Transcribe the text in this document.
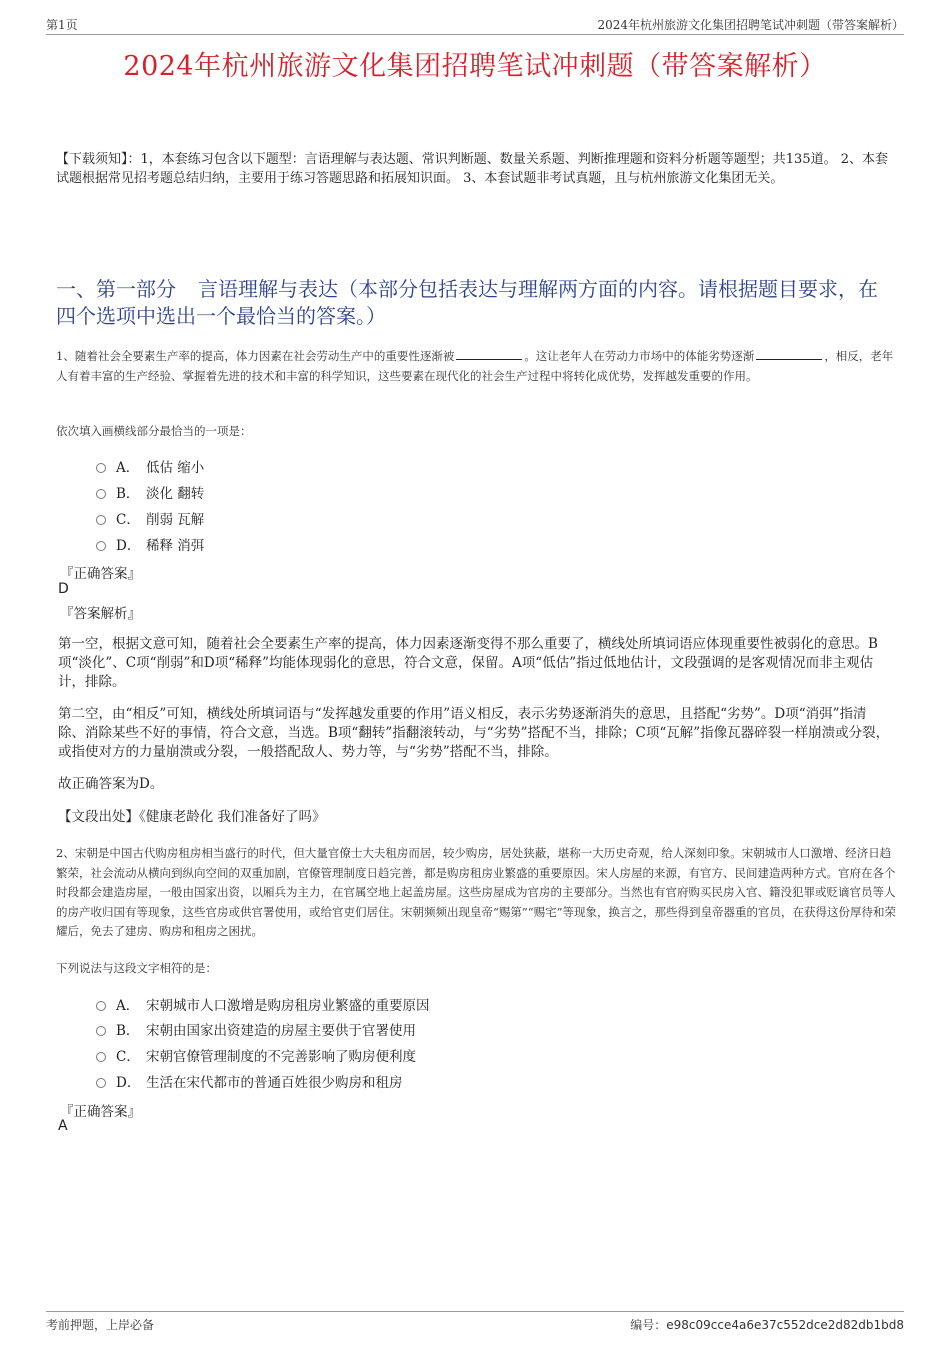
第1页	2024年杭州旅游文化集团招聘笔试冲刺题（带答案解析）
2024年杭州旅游文化集团招聘笔试冲刺题（带答案解析）
【下载须知】：1，本套练习包含以下题型：言语理解与表达题、常识判断题、数量关系题、判断推理题和资料分析题等题型；共135道。 2、本套试题根据常见招考题总结归纳，主要用于练习答题思路和拓展知识面。 3、本套试题非考试真题，且与杭州旅游文化集团无关。
一、第一部分 言语理解与表达（本部分包括表达与理解两方面的内容。请根据题目要求，在四个选项中选出一个最恰当的答案。）
1、随着社会全要素生产率的提高，体力因素在社会劳动生产中的重要性逐渐被	。这让老年人在劳动力市场中的体能劣势逐渐	，相反，老年人有着丰富的生产经验、掌握着先进的技术和丰富的科学知识，这些要素在现代化的社会生产过程中将转化成优势，发挥越发重要的作用。
依次填入画横线部分最恰当的一项是：
A． 低估 缩小
B． 淡化 翻转
C． 削弱 瓦解
D． 稀释 消弭
『正确答案』
D
『答案解析』
第一空，根据文意可知，随着社会全要素生产率的提高，体力因素逐渐变得不那么重要了，横线处所填词语应体现重要性被弱化的意思。B项“淡化”、C项“削弱”和D项“稀释”均能体现弱化的意思，符合文意，保留。A项“低估”指过低地估计，文段强调的是客观情况而非主观估计，排除。
第二空，由“相反”可知，横线处所填词语与“发挥越发重要的作用”语义相反，表示劣势逐渐消失的意思，且搭配“劣势”。D项“消弭”指清除、消除某些不好的事情，符合文意，当选。B项“翻转”指翻滚转动，与“劣势”搭配不当，排除；C项“瓦解”指像瓦器碎裂一样崩溃或分裂，或指使对方的力量崩溃或分裂，一般搭配敌人、势力等，与“劣势”搭配不当，排除。
故正确答案为D。
【文段出处】《健康老龄化 我们准备好了吗》
2、宋朝是中国古代购房租房相当盛行的时代，但大量官僚士大夫租房而居，较少购房，居处狭蔽，堪称一大历史奇观，给人深刻印象。宋朝城市人口激增、经济日趋繁荣，社会流动从横向到纵向空间的双重加剧，官僚管理制度日趋完善，都是购房租房业繁盛的重要原因。宋人房屋的来源，有官方、民间建造两种方式。官府在各个时段都会建造房屋，一般由国家出资，以厢兵为主力，在官属空地上起盖房屋。这些房屋成为官房的主要部分。当然也有官府购买民房入官、籍没犯罪或贬谪官员等人的房产收归国有等现象，这些官房或供官署使用，或给官吏们居住。宋朝频频出现皇帝“赐第”“赐宅”等现象，换言之，那些得到皇帝器重的官员，在获得这份厚待和荣耀后，免去了建房、购房和租房之困扰。
下列说法与这段文字相符的是：
A． 宋朝城市人口激增是购房租房业繁盛的重要原因
B． 宋朝由国家出资建造的房屋主要供于官署使用
C． 宋朝官僚管理制度的不完善影响了购房便利度
D． 生活在宋代都市的普通百姓很少购房和租房
『正确答案』
A
考前押题，上岸必备	编号：e98c09cce4a6e37c552dce2d82db1bd8
